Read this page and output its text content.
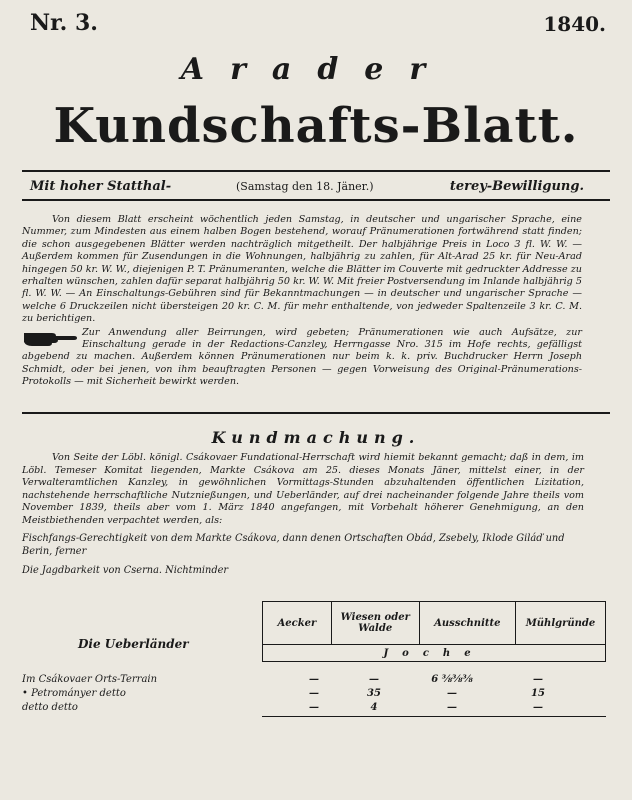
Nr. 3.	1840.
Arader
Kundschafts-Blatt.
Mit hoher Statthal-	(Samstag den 18. Jäner.)	terey-Bewilligung.

Von diesem Blatt erscheint wöchentlich jeden Samstag, in deutscher und ungarischer Sprache, eine Nummer, zum Mindesten aus einem halben Bogen bestehend, worauf Pränumerationen fortwährend statt finden; die schon ausgegebenen Blätter werden nachträglich mitgetheilt. Der halbjährige Preis in Loco 3 fl. W. W. — Außerdem kommen für Zusendungen in die Wohnungen, halbjährig zu zahlen, für Alt-Arad 25 kr. für Neu-Arad hingegen 50 kr. W. W., diejenigen P. T. Pränumeranten, welche die Blätter im Couverte mit gedruckter Addresse zu erhalten wünschen, zahlen dafür separat halbjährig 50 kr. W. W. Mit freier Postversendung im Inlande halbjährig 5 fl. W. W. — An Einschaltungs-Gebühren sind für Bekanntmachungen — in deutscher und ungarischer Sprache — welche 6 Druckzeilen nicht übersteigen 20 kr. C. M. für mehr enthaltende, von jedweder Spaltenzeile 3 kr. C. M. zu berichtigen.

Zur Anwendung aller Beirrungen, wird gebeten; Pränumerationen wie auch Aufsätze, zur Einschaltung gerade in der Redactions-Canzley, Herrngasse Nro. 315 im Hofe rechts, gefälligst abgebend zu machen. Außerdem können Pränumerationen nur beim k. k. priv. Buchdrucker Herrn Joseph Schmidt, oder bei jenen, von ihm beauftragten Personen — gegen Vorweisung des Original-Pränumerations-Protokolls — mit Sicherheit bewirkt werden.

Kundmachung.

Von Seite der Löbl. königl. Csákovaer Fundational-Herrschaft wird hiemit bekannt gemacht; daß in dem, im Löbl. Temeser Komitat liegenden, Markte Csákova am 25. dieses Monats Jäner, mittelst einer, in der Verwalteramtlichen Kanzley, in gewöhnlichen Vormittags-Stunden abzuhaltenden öffentlichen Lizitation, nachstehende herrschaftliche Nutznießungen, und Ueberländer, auf drei nacheinander folgende Jahre theils vom November 1839, theils aber vom 1. März 1840 angefangen, mit Vorbehalt höherer Genehmigung, an den Meistbiethenden verpachtet werden, als:

Fischfangs-Gerechtigkeit von dem Markte Csákova, dann denen Ortschaften Obád, Zsebely, Iklode Giláď und Berin, ferner

Die Jagdbarkeit von Cserna. Nichtminder
Die Ueberländer
Aecker	Wiesen oder Walde	Ausschnitte	Mühlgründe
Joche
Im Csákovaer Orts-Terrain	—	—	6 ⅜⅜⅜	—
• Petrományer detto	—	35	—	15
detto detto	—	4	—	—
